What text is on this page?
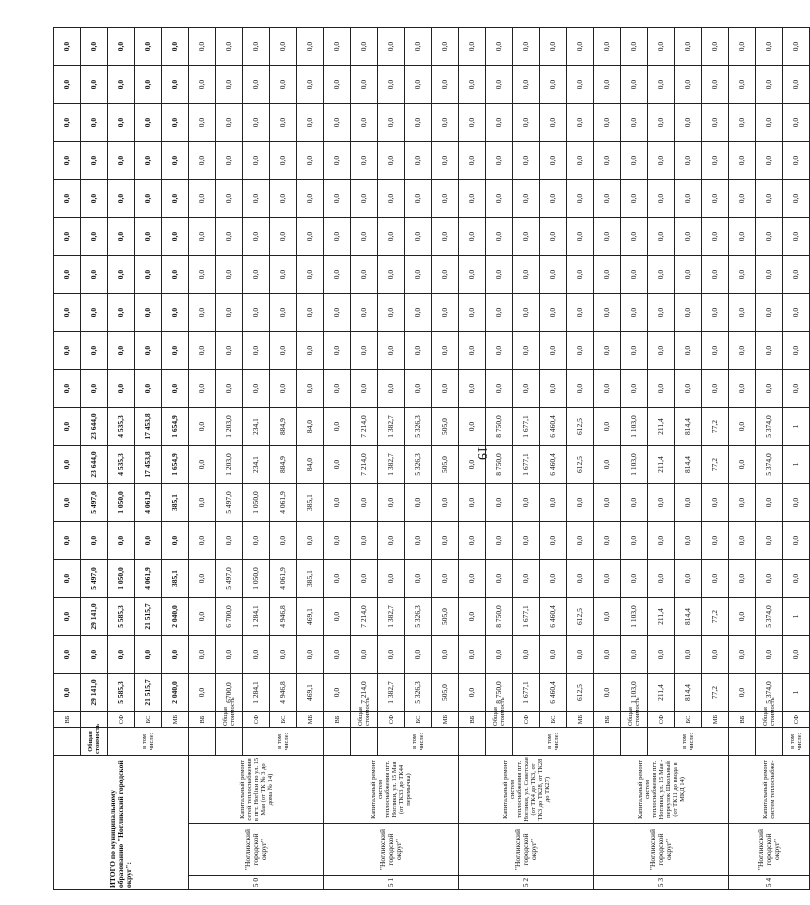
19
ИТОГО по муниципальному образованию "Ногликский городской округ":				ВБ	0,0	0,0	0,0	0,0	0,0	0,0	0,0	0,0	0,0	0,0	0,0	0,0	0,0	0,0	0,0	0,0	0,0	0,0
			Общая стоимость		29 141,0	0,0	29 141,0	5 497,0	0,0	5 497,0	23 644,0	23 644,0	0,0	0,0	0,0	0,0	0,0	0,0	0,0	0,0	0,0	0,0
			в том числе:	СФ	5 585,3	0,0	5 585,3	1 050,0	0,0	1 050,0	4 535,3	4 535,3	0,0	0,0	0,0	0,0	0,0	0,0	0,0	0,0	0,0	0,0
				БС	21 515,7	0,0	21 515,7	4 061,9	0,0	4 061,9	17 453,8	17 453,8	0,0	0,0	0,0	0,0	0,0	0,0	0,0	0,0	0,0	0,0
				МБ	2 040,0	0,0	2 040,0	385,1	0,0	385,1	1 654,9	1 654,9	0,0	0,0	0,0	0,0	0,0	0,0	0,0	0,0	0,0	0,0
5 0	"Ногликский городской округ"	Капитальный ремонт сетей теплоснабжения в пгт. Ногliки по ул. 15 Мая (от ТК № 3 до дома № 14)		ВБ	0,0	0,0	0,0	0,0	0,0	0,0	0,0	0,0	0,0	0,0	0,0	0,0	0,0	0,0	0,0	0,0	0,0	0,0
				Общая стоимость	6700,0	0,0	6 700,0	5 497,0	0,0	5 497,0	1 203,0	1 203,0	0,0	0,0	0,0	0,0	0,0	0,0	0,0	0,0	0,0	0,0
			в том числе:	СФ	1 284,1	0,0	1 284,1	1 050,0	0,0	1 050,0	234,1	234,1	0,0	0,0	0,0	0,0	0,0	0,0	0,0	0,0	0,0	0,0
				БС	4 946,8	0,0	4 946,8	4 061,9	0,0	4 061,9	884,9	884,9	0,0	0,0	0,0	0,0	0,0	0,0	0,0	0,0	0,0	0,0
				МБ	469,1	0,0	469,1	385,1	0,0	385,1	84,0	84,0	0,0	0,0	0,0	0,0	0,0	0,0	0,0	0,0	0,0	0,0
5 1	"Ногликский городской округ"	Капитальный ремонт систем теплоснабжения пгт. Ноглики, ул. 15 Мая (от ТК33 до ТК44 перемычка)		ВБ	0,0	0,0	0,0	0,0	0,0	0,0	0,0	0,0	0,0	0,0	0,0	0,0	0,0	0,0	0,0	0,0	0,0	0,0
				Общая стоимость	7 214,0	0,0	7 214,0	0,0	0,0	0,0	7 214,0	7 214,0	0,0	0,0	0,0	0,0	0,0	0,0	0,0	0,0	0,0	0,0
			в том числе:	СФ	1 382,7	0,0	1 382,7	0,0	0,0	0,0	1 382,7	1 382,7	0,0	0,0	0,0	0,0	0,0	0,0	0,0	0,0	0,0	0,0
				БС	5 326,3	0,0	5 326,3	0,0	0,0	0,0	5 326,3	5 326,3	0,0	0,0	0,0	0,0	0,0	0,0	0,0	0,0	0,0	0,0
				МБ	505,0	0,0	505,0	0,0	0,0	0,0	505,0	505,0	0,0	0,0	0,0	0,0	0,0	0,0	0,0	0,0	0,0	0,0
5 2	"Ногликский городской округ"	Капитальный ремонт систем теплоснабжения пгт. Ноглики, ул. Советская (от ТК4 до ТК3, от ТК3 до ТК28, от ТК28 до ТК27)		ВБ	0,0	0,0	0,0	0,0	0,0	0,0	0,0	0,0	0,0	0,0	0,0	0,0	0,0	0,0	0,0	0,0	0,0	0,0
				Общая стоимость	8 750,0	0,0	8 750,0	0,0	0,0	0,0	8 750,0	8 750,0	0,0	0,0	0,0	0,0	0,0	0,0	0,0	0,0	0,0	0,0
			в том числе:	СФ	1 677,1	0,0	1 677,1	0,0	0,0	0,0	1 677,1	1 677,1	0,0	0,0	0,0	0,0	0,0	0,0	0,0	0,0	0,0	0,0
				БС	6 460,4	0,0	6 460,4	0,0	0,0	0,0	6 460,4	6 460,4	0,0	0,0	0,0	0,0	0,0	0,0	0,0	0,0	0,0	0,0
				МБ	612,5	0,0	612,5	0,0	0,0	0,0	612,5	612,5	0,0	0,0	0,0	0,0	0,0	0,0	0,0	0,0	0,0	0,0
5 3	"Ногликский городской округ"	Капитальный ремонт систем теплоснабжения пгт. Ноглики, ул. 15 Мая - переулок Школьный (от ТК11 до ввода в МКД 14)		ВБ	0,0	0,0	0,0	0,0	0,0	0,0	0,0	0,0	0,0	0,0	0,0	0,0	0,0	0,0	0,0	0,0	0,0	0,0
				Общая стоимость	1 103,0	0,0	1 103,0	0,0	0,0	0,0	1 103,0	1 103,0	0,0	0,0	0,0	0,0	0,0	0,0	0,0	0,0	0,0	0,0
			в том числе:	СФ	211,4	0,0	211,4	0,0	0,0	0,0	211,4	211,4	0,0	0,0	0,0	0,0	0,0	0,0	0,0	0,0	0,0	0,0
				БС	814,4	0,0	814,4	0,0	0,0	0,0	814,4	814,4	0,0	0,0	0,0	0,0	0,0	0,0	0,0	0,0	0,0	0,0
				МБ	77,2	0,0	77,2	0,0	0,0	0,0	77,2	77,2	0,0	0,0	0,0	0,0	0,0	0,0	0,0	0,0	0,0	0,0
5 4	"Ногликский городской округ"	Капитальный ремонт систем теплоснабже-		ВБ	0,0	0,0	0,0	0,0	0,0	0,0	0,0	0,0	0,0	0,0	0,0	0,0	0,0	0,0	0,0	0,0	0,0	0,0
				Общая стоимость	5 374,0	0,0	5 374,0	0,0	0,0	0,0	5 374,0	5 374,0	0,0	0,0	0,0	0,0	0,0	0,0	0,0	0,0	0,0	0,0
			в том числе:	СФ	1	0,0	1	0,0	0,0	0,0	1	1	0,0	0,0	0,0	0,0	0,0	0,0	0,0	0,0	0,0	0,0
